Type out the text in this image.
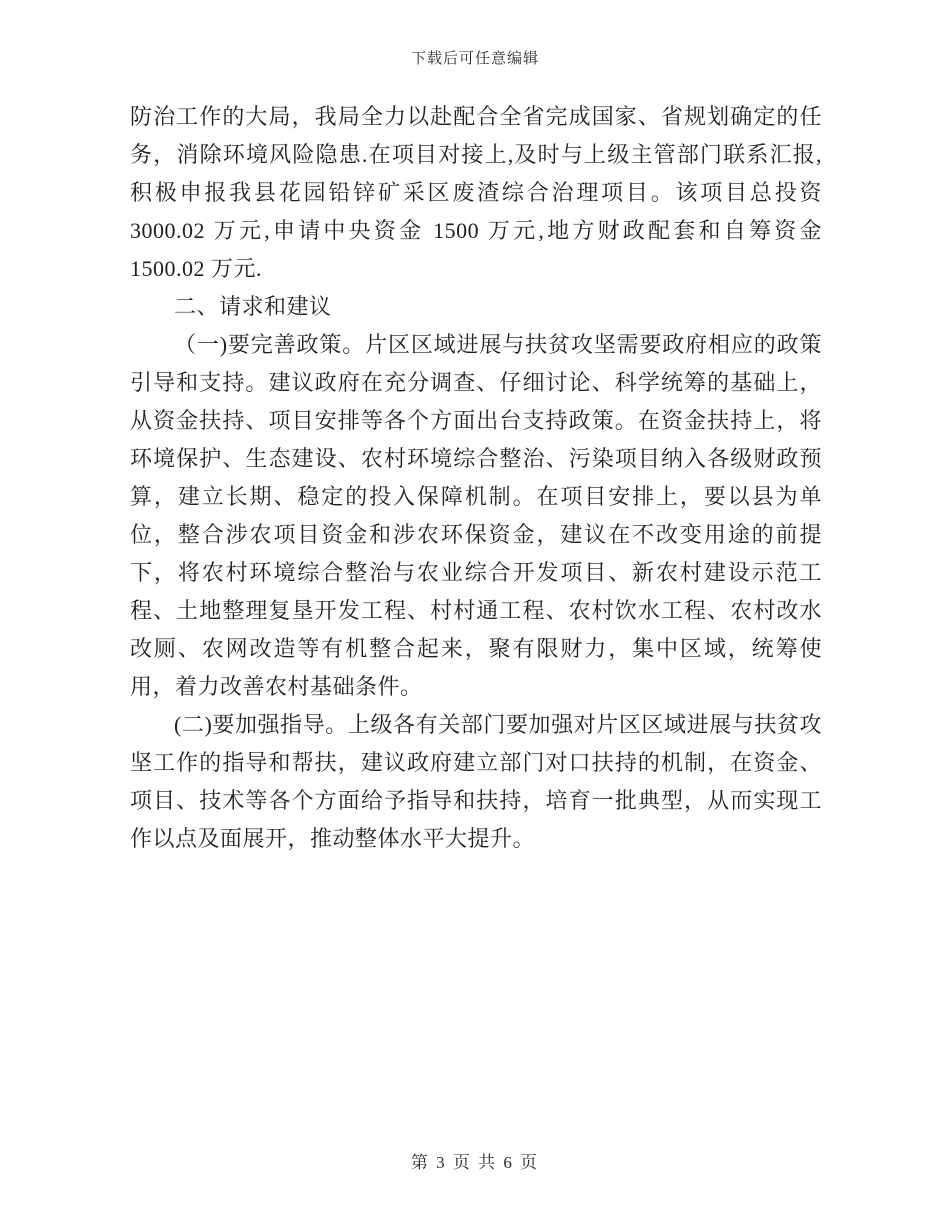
下载后可任意编辑

防治工作的大局，我局全力以赴配合全省完成国家、省规划确定的任务，消除环境风险隐患.在项目对接上,及时与上级主管部门联系汇报,积极申报我县花园铅锌矿采区废渣综合治理项目。该项目总投资 3000.02 万元,申请中央资金 1500 万元,地方财政配套和自筹资金 1500.02 万元.

二、请求和建议

（一)要完善政策。片区区域进展与扶贫攻坚需要政府相应的政策引导和支持。建议政府在充分调查、仔细讨论、科学统筹的基础上，从资金扶持、项目安排等各个方面出台支持政策。在资金扶持上，将环境保护、生态建设、农村环境综合整治、污染项目纳入各级财政预算，建立长期、稳定的投入保障机制。在项目安排上，要以县为单位，整合涉农项目资金和涉农环保资金，建议在不改变用途的前提下，将农村环境综合整治与农业综合开发项目、新农村建设示范工程、土地整理复垦开发工程、村村通工程、农村饮水工程、农村改水改厕、农网改造等有机整合起来，聚有限财力，集中区域，统筹使用，着力改善农村基础条件。

(二)要加强指导。上级各有关部门要加强对片区区域进展与扶贫攻坚工作的指导和帮扶，建议政府建立部门对口扶持的机制，在资金、项目、技术等各个方面给予指导和扶持，培育一批典型，从而实现工作以点及面展开，推动整体水平大提升。

第 3 页 共 6 页
